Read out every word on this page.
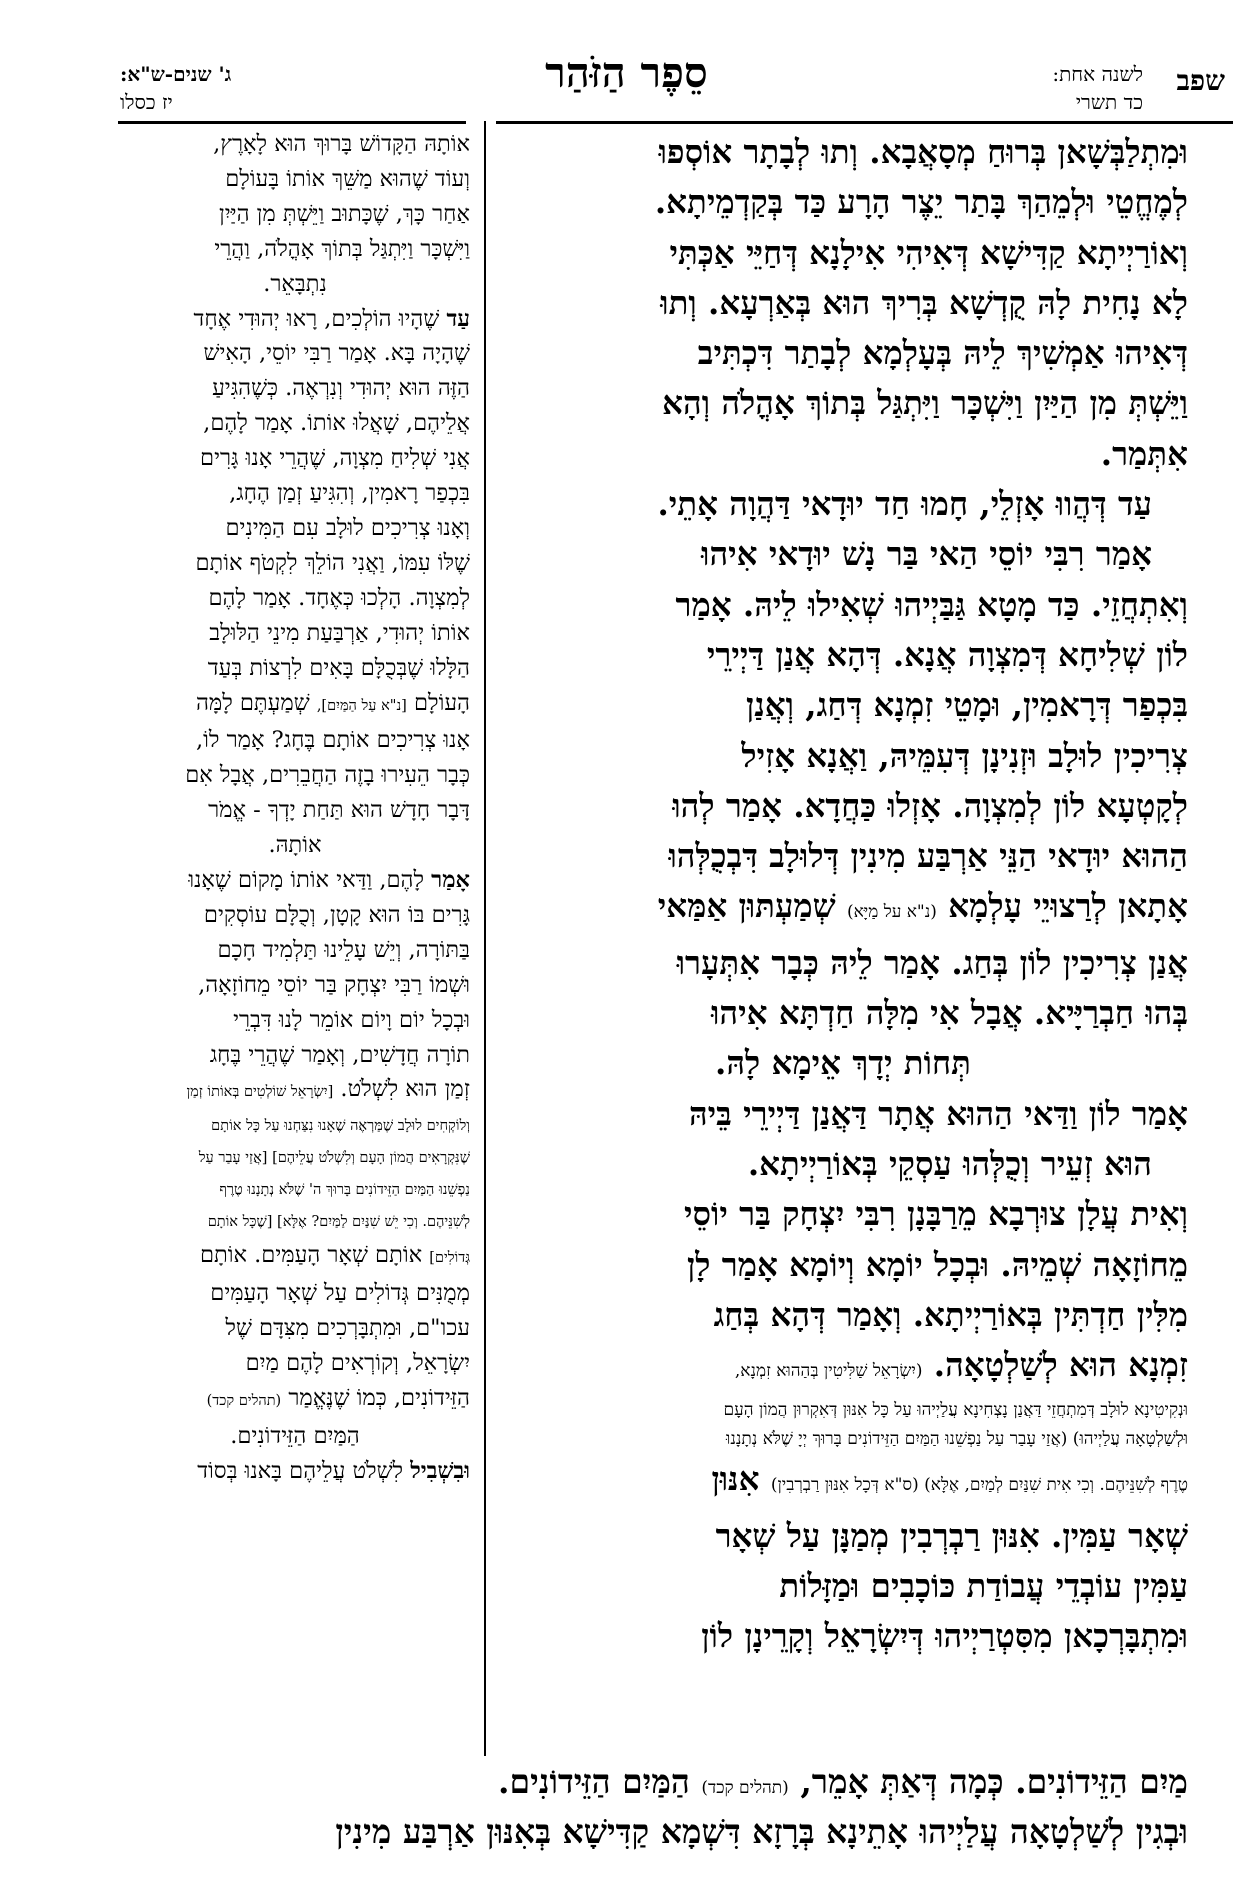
שפב
לשנה אחת:
כד תשרי
סֵפֶר הַזֹּהַר
ג' שנים-ש"א:
יז כסלו

וּמִתְלַבְּשָׁאן בְּרוּחַ מְסָאֲבָא. וְתוּ לְבָתָר אוֹסְפוּ

לְמֶחֱטֵי וּלְמֵהַךְ בָּתַר יֵצֶר הָרָע כַּד בְּקַדְמֵיתָא.

וְאוֹרַיְיתָא קַדִּישָׁא דְּאִיהִי אִילָנָא דְּחַיֵּי אַכְּתִּי

לָא נָחִית לָהּ קֻדְשָׁא בְּרִיךְ הוּא בְּאַרְעָא. וְתוּ

דְּאִיהוּ אַמְשִׁיךְ לֵיהּ בְּעָלְמָא לְבָתַר דִּכְתִּיב

וַיֵּשְׁתְּ מִן הַיַּיִן וַיִּשְׁכָּר וַיִּתְגַּל בְּתוֹךְ אָהֳלֹה וְהָא

אִתְּמַר.

עַד דְּהֲווּ אָזְלֵי, חָמוּ חַד יוּדָאי דַּהֲוָה אָתֵי.

אָמַר רִבִּי יוֹסֵי הַאי בַּר נָשׁ יוּדָאי אִיהוּ

וְאִתְחֲזֵי. כַּד מָטָא גַּבַּיְיהוּ שְׁאִילוּ לֵיהּ. אָמַר

לוֹן שְׁלִיחָא דְּמִצְוָה אֲנָא. דְּהָא אֲנַן דַּיְירֵי

בִּכְפַר דְּרָאמִין, וּמָטֵי זִמְנָא דְּחַג, וְאֲנַן

צְרִיכִין לוּלָב וּזְנִינָן דְּעִמֵּיהּ, וַאֲנָא אָזִיל

לְקָטְעָא לוֹן לְמִצְוָה. אָזְלוּ כַּחֲדָא. אָמַר לְהוּ

הַהוּא יוּדָאי הַנֵּי אַרְבַּע מִינִין דְּלוּלָב דִּבְכֻלְּהוּ

אָתָאן לְרַצוּיֵי עָלְמָא (נ"א על מַיָּא) שְׁמַעְתּוּן אַמַּאי

אֲנַן צְרִיכִין לוֹן בְּחַג. אָמַר לֵיהּ כְּבָר אִתְּעָרוּ

בְּהוּ חַבְרַיָּיא. אֲבָל אִי מִלָּה חַדְתָּא אִיהוּ

תְּחוֹת יְדָךְ אֵימָא לָהּ.

אָמַר לוֹן וַדַּאי הַהוּא אֲתָר דַּאֲנַן דַּיְירֵי בֵּיהּ

הוּא זְעֵיר וְכֻלְּהוּ עַסְקֵי בְּאוֹרַיְיתָא.

וְאִית עֲלָן צוּרְבָא מֵרַבָּנָן רִבִּי יִצְחָק בַּר יוֹסֵי

מֵחוֹזָאָה שְׁמֵיהּ. וּבְכָל יוֹמָא וְיוֹמָא אָמַר לָן

מִלִּין חַדְתִּין בְּאוֹרַיְיתָא. וְאָמַר דְּהָא בְּחַג

זִמְנָא הוּא לְשַׁלְטָאָה. (יִשְׂרָאֵל שַׁלִּיטִין בְּהַהוּא זִמְנָא,

וּנְקִיטִינָא לוּלָב דְּמִתְחֲזֵי דַּאֲנַן נָצְחִינָא עֲלַיְיהוּ עַל כָּל אִנּוּן דְּאִקְרוּן הֲמוֹן הָעָם

וּלְשַׁלְטָאָה עֲלַיְיהוּ) (אֲזַי עָבַר עַל נַפְשֵׁנוּ הַמַּיִם הַזֵּידוֹנִים בָּרוּךְ יְיָ שֶׁלֹּא נְתָנָנוּ

טֶרֶף לְשִׁנֵּיהֶם. וְכִי אִית שִׁנַּיִם לְמַיִם, אֶלָּא) (ס"א דְּכָל אִנּוּן רַבְרְבִין) אִנּוּן

שְׁאָר עַמִּין. אִנּוּן רַבְרְבִין מְמַנָּן עַל שְׁאָר

עַמִּין עוֹבְדֵי עֲבוֹדַת כּוֹכָבִים וּמַזָּלוֹת

וּמִתְבָּרְכָאן מִסִּטְרַיְיהוּ דְּיִשְׂרָאֵל וְקָרֵינָן לוֹן

אוֹתָהּ הַקָּדוֹשׁ בָּרוּךְ הוּא לָאָרֶץ,

וְעוֹד שֶׁהוּא מַשֵּׁךְ אוֹתוֹ בָּעוֹלָם

אַחַר כָּךְ, שֶׁכָּתוּב וַיֵּשְׁתְּ מִן הַיַּיִן

וַיִּשְׁכָּר וַיִּתְגַּל בְּתוֹךְ אָהֳלֹה, וַהֲרֵי

נִתְבָּאֵר.

עַד שֶׁהָיוּ הוֹלְכִים, רָאוּ יְהוּדִי אֶחָד

שֶׁהָיָה בָּא. אָמַר רַבִּי יוֹסֵי, הָאִישׁ

הַזֶּה הוּא יְהוּדִי וְנִרְאֶה. כְּשֶׁהִגִּיעַ

אֲלֵיהֶם, שָׁאֲלוּ אוֹתוֹ. אָמַר לָהֶם,

אֲנִי שְׁלִיחַ מִצְוָה, שֶׁהֲרֵי אָנוּ גָּרִים

בִּכְפַר רָאמִין, וְהִגִּיעַ זְמַן הֶחָג,

וְאָנוּ צְרִיכִים לוּלָב עִם הַמִּינִים

שֶׁלּוֹ עִמּוֹ, וַאֲנִי הוֹלֵךְ לִקְטֹף אוֹתָם

לְמִצְוָה. הָלְכוּ כְּאֶחָד. אָמַר לָהֶם

אוֹתוֹ יְהוּדִי, אַרְבַּעַת מִינֵי הַלּוּלָב

הַלָּלוּ שֶׁבְּכֻלָּם בָּאִים לִרְצוֹת בְּעַד

הָעוֹלָם [נ"א עַל הַמַּיִם], שְׁמַעְתֶּם לָמָּה

אָנוּ צְרִיכִים אוֹתָם בֶּחָג? אָמַר לוֹ,

כְּבָר הֵעִירוּ בָזֶה הַחֲבֵרִים, אֲבָל אִם

דָּבָר חָדָשׁ הוּא תַּחַת יָדְךָ - אֱמֹר

אוֹתָהּ.

אָמַר לָהֶם, וַדַּאי אוֹתוֹ מָקוֹם שֶׁאָנוּ

גָּרִים בּוֹ הוּא קָטָן, וְכֻלָּם עוֹסְקִים

בַּתּוֹרָה, וְיֵשׁ עָלֵינוּ תַּלְמִיד חָכָם

וּשְׁמוֹ רַבִּי יִצְחָק בַּר יוֹסֵי מֵחוֹזָאָה,

וּבְכָל יוֹם וָיוֹם אוֹמֵר לָנוּ דִּבְרֵי

תוֹרָה חֲדָשִׁים, וְאָמַר שֶׁהֲרֵי בֶּחָג

זְמַן הוּא לִשְׁלֹט. [יִשְׂרָאֵל שׁוֹלְטִים בְּאוֹתוֹ זְמַן

וְלוֹקְחִים לוּלָב שֶׁמַּרְאֶה שֶׁאָנוּ נִצַּחְנוּ עַל כָּל אוֹתָם

שֶׁנִּקְרָאִים הֲמוֹן הָעָם וְלִשְׁלֹט עֲלֵיהֶם] [אֲזַי עָבַר עַל

נַפְשֵׁנוּ הַמַּיִם הַזֵּידוֹנִים בָּרוּךְ ה' שֶׁלֹּא נְתָנָנוּ טֶרֶף

לְשִׁנֵּיהֶם. וְכִי יֵשׁ שִׁנַּיִם לַמַּיִם? אֶלָּא] [שֶׁכָּל אוֹתָם

גְּדוֹלִים] אוֹתָם שְׁאָר הָעַמִּים. אוֹתָם

מְמֻנִּים גְּדוֹלִים עַל שְׁאָר הָעַמִּים

עכו"ם, וּמִתְבָּרְכִים מִצִּדָּם שֶׁל

יִשְׂרָאֵל, וְקוֹרְאִים לָהֶם מַיִם

הַזֵּידוֹנִים, כְּמוֹ שֶׁנֶּאֱמַר (תהלים קכד)

הַמַּיִם הַזֵּידוֹנִים.

וּבִשְׁבִיל לִשְׁלֹט עֲלֵיהֶם בָּאנוּ בְּסוֹד

מַיִם הַזֵּידוֹנִים. כְּמָה דְּאַתְּ אָמֵר, (תהלים קכד) הַמַּיִם הַזֵּידוֹנִים.
וּבְגִין לְשַׁלְטָאָה עֲלַיְיהוּ אָתֵינָא בְּרָזָא דִּשְׁמָא קַדִּישָׁא בְּאִנּוּן אַרְבַּע מִינִין
